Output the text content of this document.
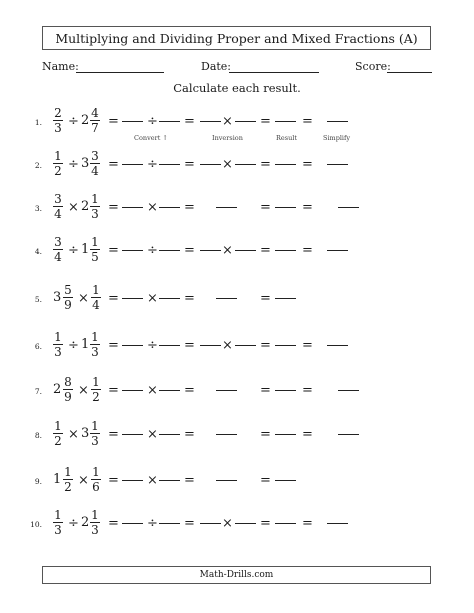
Multiplying and Dividing Proper and Mixed Fractions (A)
Name:	Date:	Score:
Calculate each result.
Convert ↑	Inversion	Result	Simplify
1. $\frac{2}{3} \div 2 \frac{4}{7}$ = ÷ = × = =
2. $\frac{1}{2} \div 3 \frac{3}{4}$ = ÷ = × = =
3. $\frac{3}{4} \times 2 \frac{1}{3}$ = × =	= =
4. $\frac{3}{4} \div 1 \frac{1}{5}$ = ÷ = × = =
5. $3 \frac{5}{9} \times \frac{1}{4}$ = × =	=
6. $\frac{1}{3} \div 1 \frac{1}{3}$ = ÷ = × = =
7. $2 \frac{8}{9} \times \frac{1}{2}$ = × =	= =
8. $\frac{1}{2} \times 3 \frac{1}{3}$ = × =	= =
9. $1 \frac{1}{2} \times \frac{1}{6}$ = × =	=
10. $\frac{1}{3} \div 2 \frac{1}{3}$ = ÷ = × = =
Math-Drills.com
